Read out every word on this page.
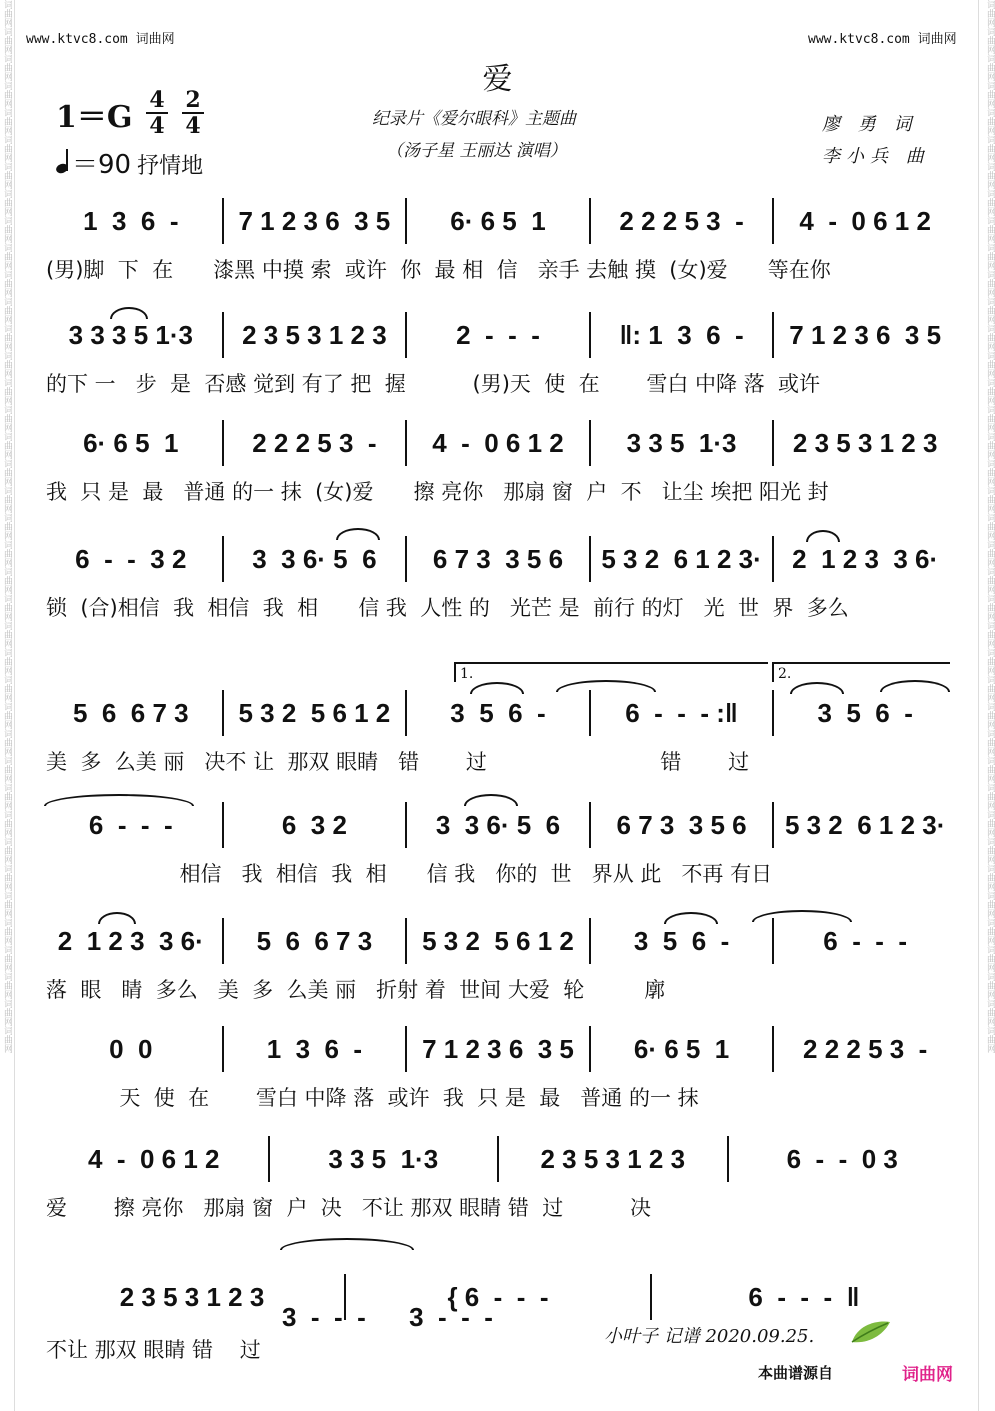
词曲网词曲网词曲网词曲网词曲网词曲网词曲网词曲网词曲网词曲网词曲网词曲网词曲网词曲网词曲网词曲网词曲网词曲网词曲网词曲网词曲网词曲网词曲网词曲网词曲网词曲网词曲网词曲网词曲网词曲网词曲网词曲网词曲网词曲网词曲网词曲网词曲网词曲网词曲网	词曲网词曲网词曲网词曲网词曲网词曲网词曲网词曲网词曲网词曲网词曲网词曲网词曲网词曲网词曲网词曲网词曲网词曲网词曲网词曲网词曲网词曲网词曲网词曲网词曲网词曲网词曲网词曲网词曲网词曲网词曲网词曲网词曲网词曲网词曲网词曲网词曲网词曲网词曲网
www.ktvc8.com 词曲网	www.ktvc8.com 词曲网
爱
1＝G 4
4
2
4
＝90 抒情地
纪录片《爱尔眼科》主题曲
（汤子星 王丽达 演唱）
廖 勇 词
李小兵 曲
1  3  6  -	7 1 2 3 6  3 5	6· 6 5  1	2 2 2 5 3  -	4  -  0 6 1 2
(男)脚  下  在      漆黑 中摸 索  或许  你  最 相  信   亲手 去触 摸  (女)爱      等在你
3 3 3 5 1·3	2 3 5 3 1 2 3	2  -  -  -	‖: 1  3  6  -	7 1 2 3 6  3 5
的下 一   步  是  否感 觉到 有了 把  握          (男)天  使  在       雪白 中降 落  或许
6· 6 5  1	2 2 2 5 3  -	4  -  0 6 1 2	3 3 5  1·3	2 3 5 3 1 2 3
我  只 是  最   普通 的一 抹  (女)爱      擦 亮你   那扇 窗  户  不   让尘 埃把 阳光 封
6  -  -  3 2	3  3 6· 5  6	6 7 3  3 5 6	5 3 2  6 1 2 3·	2  1 2 3  3 6·
锁  (合)相信  我  相信  我  相      信 我  人性 的   光芒 是  前行 的灯   光  世  界  多么
5  6  6 7 3	5 3 2  5 6 1 2	3  5  6  -	6  -  -  - :‖	3  5  6  -
美  多  么美 丽   决不 让  那双 眼睛   错       过                          错       过
6  -  -  -	6  3 2	3  3 6· 5  6	6 7 3  3 5 6	5 3 2  6 1 2 3·
相信   我  相信  我  相      信 我   你的  世   界从 此   不再 有日
2  1 2 3  3 6·	5  6  6 7 3	5 3 2  5 6 1 2	3  5  6  -	6  -  -  -
落  眼   睛  多么   美  多  么美 丽   折射 着  世间 大爱  轮         廓
0  0	1  3  6  -	7 1 2 3 6  3 5	6· 6 5  1	2 2 2 5 3  -
天  使  在       雪白 中降 落  或许  我  只 是  最   普通 的一 抹
4  -  0 6 1 2	3 3 5  1·3	2 3 5 3 1 2 3	6  -  -  0 3
爱       擦 亮你   那扇 窗  户  决   不让 那双 眼睛 错  过          决
2 3 5 3 1 2 3	{ 6  -  -  -	6  -  -  -  ‖
不让 那双 眼睛 错    过
3  -  -  -      3  -  -  -
1.	2.
小叶子 记谱 2020.09.25.
本曲谱源自	词曲网
